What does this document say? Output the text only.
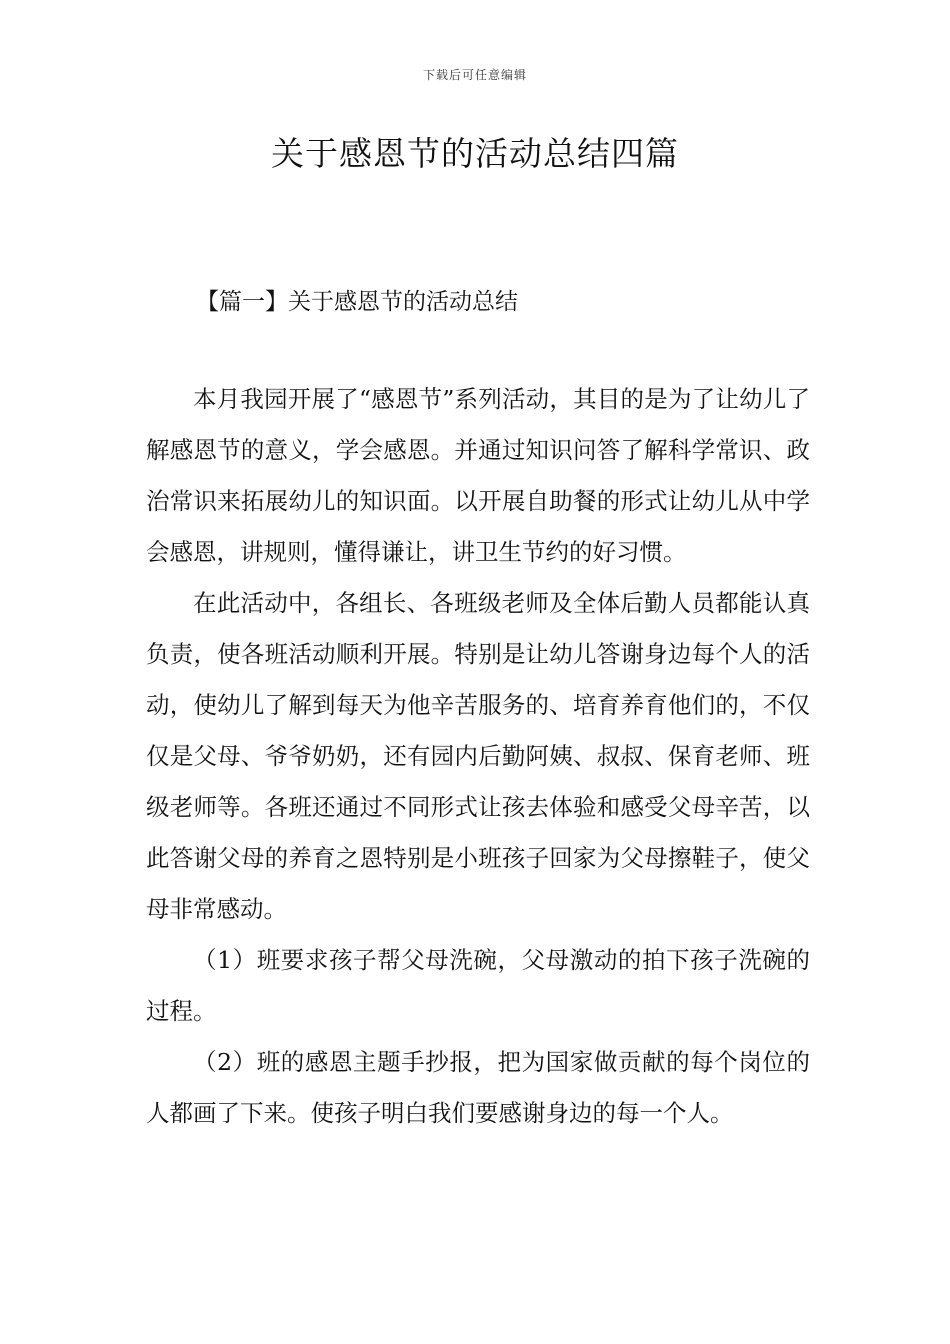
下载后可任意编辑
关于感恩节的活动总结四篇
【篇一】关于感恩节的活动总结

本月我园开展了“感恩节”系列活动，其目的是为了让幼儿了解感恩节的意义，学会感恩。并通过知识问答了解科学常识、政治常识来拓展幼儿的知识面。以开展自助餐的形式让幼儿从中学会感恩，讲规则，懂得谦让，讲卫生节约的好习惯。

在此活动中，各组长、各班级老师及全体后勤人员都能认真负责，使各班活动顺利开展。特别是让幼儿答谢身边每个人的活动，使幼儿了解到每天为他辛苦服务的、培育养育他们的，不仅仅是父母、爷爷奶奶，还有园内后勤阿姨、叔叔、保育老师、班级老师等。各班还通过不同形式让孩去体验和感受父母辛苦，以此答谢父母的养育之恩特别是小班孩子回家为父母擦鞋子，使父母非常感动。

（1）班要求孩子帮父母洗碗，父母激动的拍下孩子洗碗的过程。

（2）班的感恩主题手抄报，把为国家做贡献的每个岗位的人都画了下来。使孩子明白我们要感谢身边的每一个人。
